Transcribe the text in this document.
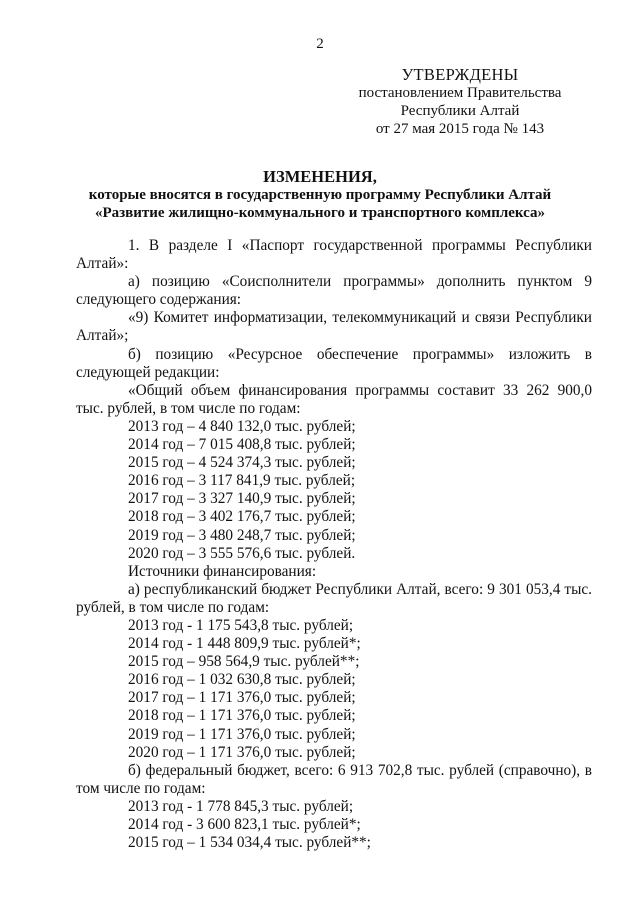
2
УТВЕРЖДЕНЫ
постановлением Правительства
Республики Алтай
от 27 мая 2015 года № 143
ИЗМЕНЕНИЯ,
которые вносятся в государственную программу Республики Алтай
«Развитие жилищно-коммунального и транспортного комплекса»

1. В разделе I «Паспорт государственной программы Республики Алтай»:

а) позицию «Соисполнители программы» дополнить пунктом 9 следующего содержания:

«9) Комитет информатизации, телекоммуникаций и связи Республики Алтай»;

б) позицию «Ресурсное обеспечение программы» изложить в следующей редакции:

«Общий объем финансирования программы составит 33 262 900,0 тыс. рублей, в том числе по годам:

2013 год – 4 840 132,0 тыс. рублей;
2014 год – 7 015 408,8 тыс. рублей;
2015 год – 4 524 374,3 тыс. рублей;
2016 год – 3 117 841,9 тыс. рублей;
2017 год – 3 327 140,9 тыс. рублей;
2018 год – 3 402 176,7 тыс. рублей;
2019 год – 3 480 248,7 тыс. рублей;
2020 год – 3 555 576,6 тыс. рублей.
Источники финансирования:

а) республиканский бюджет Республики Алтай, всего: 9 301 053,4 тыс. рублей, в том числе по годам:

2013 год - 1 175 543,8 тыс. рублей;
2014 год - 1 448 809,9 тыс. рублей*;
2015 год – 958 564,9 тыс. рублей**;
2016 год – 1 032 630,8 тыс. рублей;
2017 год – 1 171 376,0 тыс. рублей;
2018 год – 1 171 376,0 тыс. рублей;
2019 год – 1 171 376,0 тыс. рублей;
2020 год – 1 171 376,0 тыс. рублей;

б) федеральный бюджет, всего: 6 913 702,8 тыс. рублей (справочно), в том числе по годам:

2013 год - 1 778 845,3 тыс. рублей;
2014 год - 3 600 823,1 тыс. рублей*;
2015 год – 1 534 034,4 тыс. рублей**;
